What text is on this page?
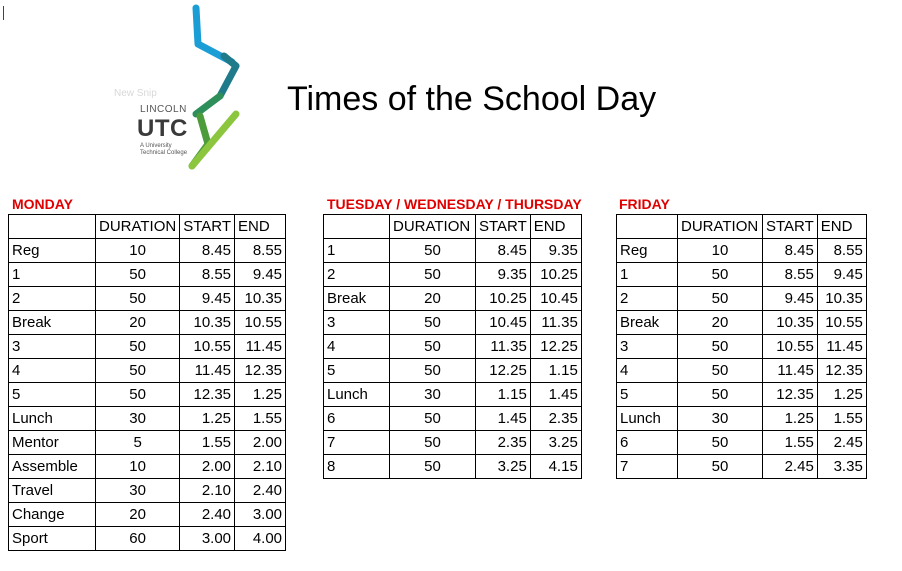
New Snip
LINCOLN
UTC
A University
Technical College
Times of the School Day
MONDAY	TUESDAY / WEDNESDAY / THURSDAY	FRIDAY
	DURATION	START	END
Reg	10	8.45	8.55
1	50	8.55	9.45
2	50	9.45	10.35
Break	20	10.35	10.55
3	50	10.55	11.45
4	50	11.45	12.35
5	50	12.35	1.25
Lunch	30	1.25	1.55
Mentor	5	1.55	2.00
Assemble	10	2.00	2.10
Travel	30	2.10	2.40
Change	20	2.40	3.00
Sport	60	3.00	4.00
	DURATION	START	END
1	50	8.45	9.35
2	50	9.35	10.25
Break	20	10.25	10.45
3	50	10.45	11.35
4	50	11.35	12.25
5	50	12.25	1.15
Lunch	30	1.15	1.45
6	50	1.45	2.35
7	50	2.35	3.25
8	50	3.25	4.15
	DURATION	START	END
Reg	10	8.45	8.55
1	50	8.55	9.45
2	50	9.45	10.35
Break	20	10.35	10.55
3	50	10.55	11.45
4	50	11.45	12.35
5	50	12.35	1.25
Lunch	30	1.25	1.55
6	50	1.55	2.45
7	50	2.45	3.35
